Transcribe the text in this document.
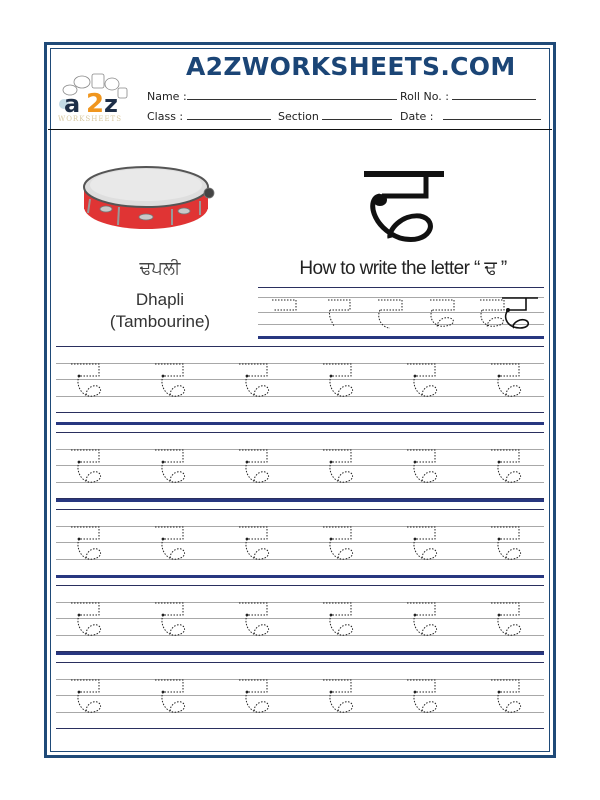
a 2 z
WORKSHEETS
A2ZWORKSHEETS.COM
Name :	Roll No. :
Class :	Section	Date :
ਢਪਲੀ
Dhapli
(Tambourine)
How to write the letter “ ਢ ”
